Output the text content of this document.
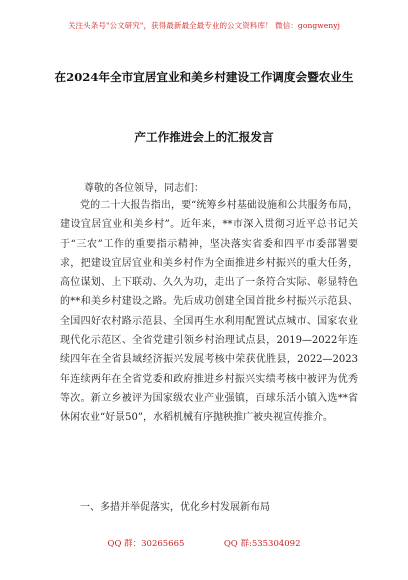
关注头条号"公文研究"，获得最新最全最专业的公文资料库！ 微信：gongwenyj
在2024年全市宜居宜业和美乡村建设工作调度会暨农业生
产工作推进会上的汇报发言
尊敬的各位领导，同志们：

党的二十大报告指出，要“统筹乡村基础设施和公共服务布局，建设宜居宜业和美乡村”。近年来，**市深入贯彻习近平总书记关于“三农”工作的重要指示精神，坚决落实省委和四平市委部署要求，把建设宜居宜业和美乡村作为全面推进乡村振兴的重大任务，高位谋划、上下联动、久久为功，走出了一条符合实际、彰显特色的**和美乡村建设之路。先后成功创建全国首批乡村振兴示范县、全国四好农村路示范县、全国再生水利用配置试点城市、国家农业现代化示范区、全省党建引领乡村治理试点县，2019—2022年连续四年在全省县域经济振兴发展考核中荣获优胜县，2022—2023年连续两年在全省党委和政府推进乡村振兴实绩考核中被评为优秀等次。新立乡被评为国家级农业产业强镇，百球乐活小镇入选**省休闲农业“好景50”，水稻机械有序抛秧推广被央视宣传推介。

一、多措并举促落实，优化乡村发展新布局
QQ 群：30265665	QQ 群:535304092
